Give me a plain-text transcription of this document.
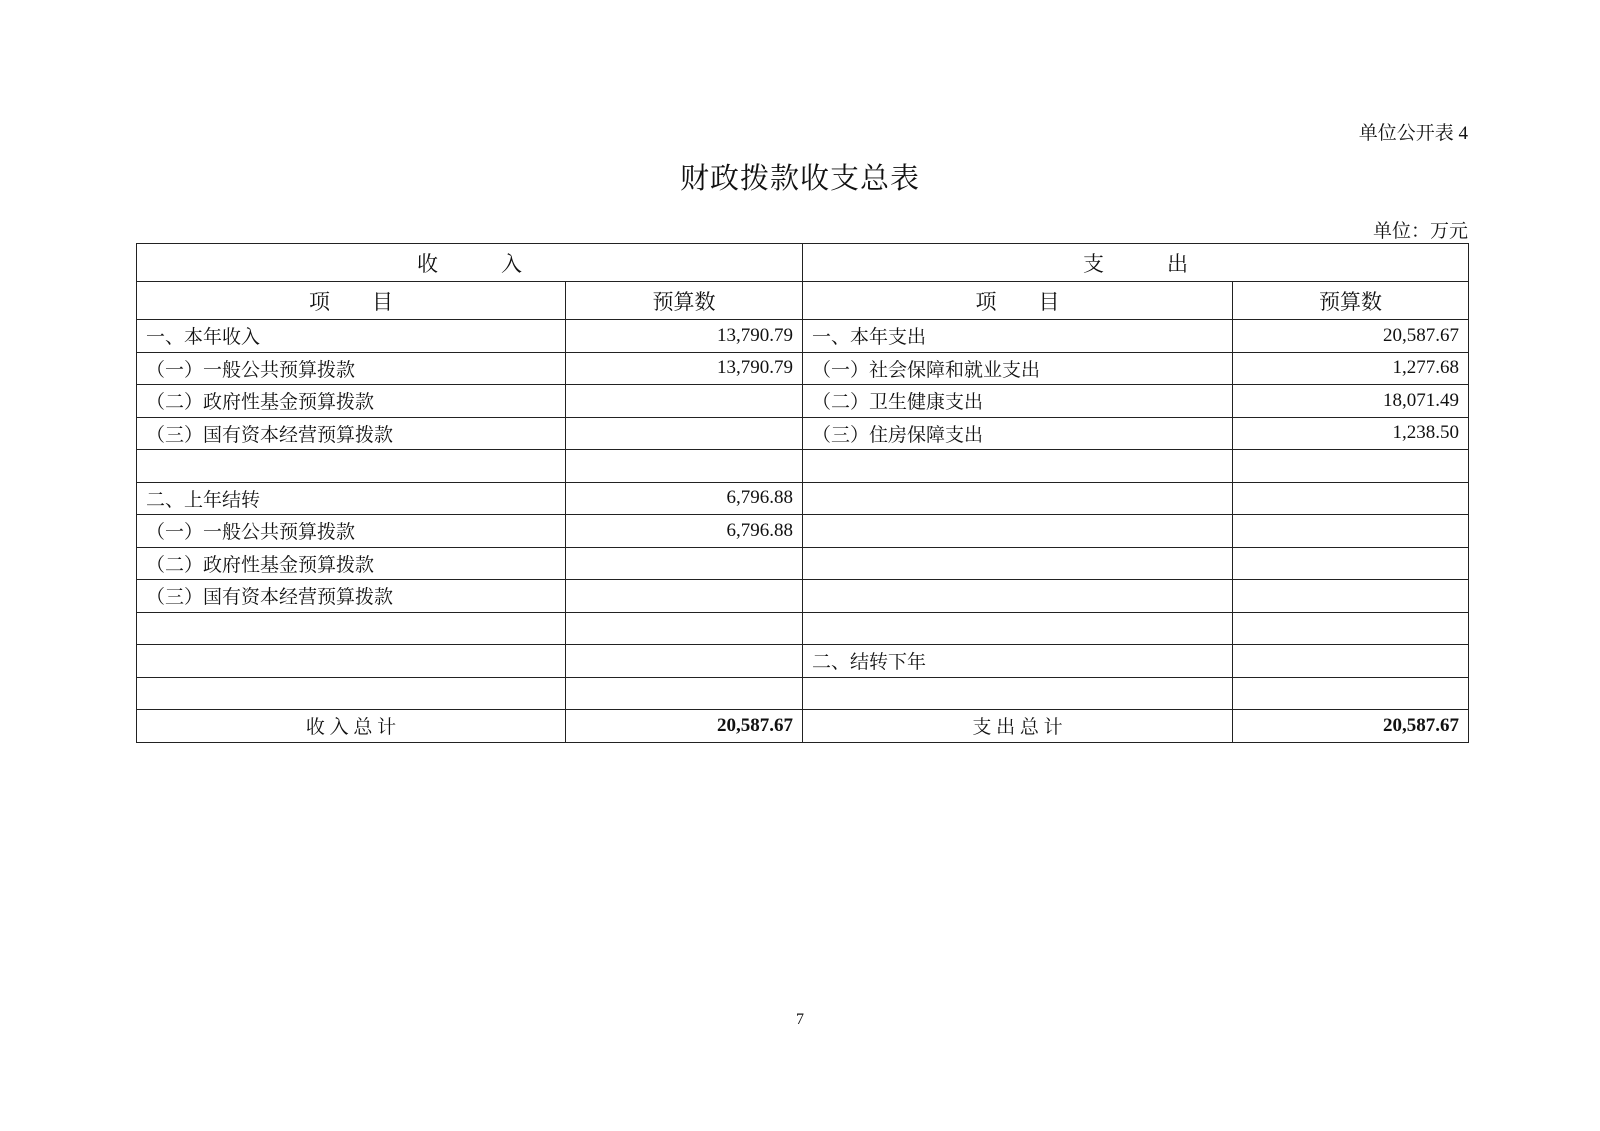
单位公开表 4
财政拨款收支总表
单位：万元
收　　　入		支　　　出	
项　　目	预算数	项　　目	预算数
一、本年收入	13,790.79	一、本年支出	20,587.67
（一）一般公共预算拨款	13,790.79	（一）社会保障和就业支出	1,277.68
（二）政府性基金预算拨款		（二）卫生健康支出	18,071.49
（三）国有资本经营预算拨款		（三）住房保障支出	1,238.50

二、上年结转	6,796.88		
（一）一般公共预算拨款	6,796.88		
（二）政府性基金预算拨款			
（三）国有资本经营预算拨款			

		二、结转下年	

收 入 总 计	20,587.67	支 出 总 计	20,587.67
7
